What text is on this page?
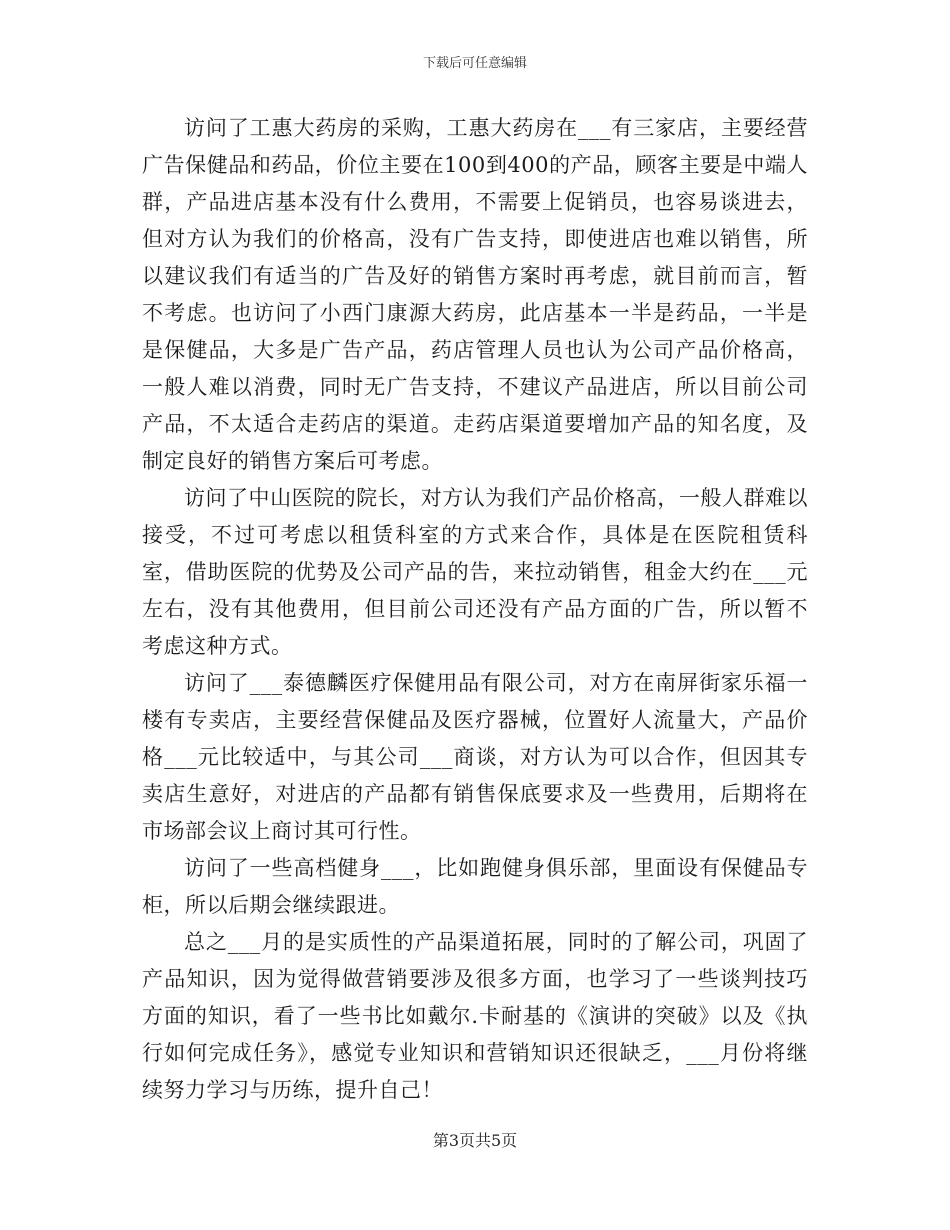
下载后可任意编辑

访问了工惠大药房的采购，工惠大药房在___有三家店，主要经营广告保健品和药品，价位主要在100到400的产品，顾客主要是中端人群，产品进店基本没有什么费用，不需要上促销员，也容易谈进去，但对方认为我们的价格高，没有广告支持，即使进店也难以销售，所以建议我们有适当的广告及好的销售方案时再考虑，就目前而言，暂不考虑。也访问了小西门康源大药房，此店基本一半是药品，一半是是保健品，大多是广告产品，药店管理人员也认为公司产品价格高，一般人难以消费，同时无广告支持，不建议产品进店，所以目前公司产品，不太适合走药店的渠道。走药店渠道要增加产品的知名度，及制定良好的销售方案后可考虑。

访问了中山医院的院长，对方认为我们产品价格高，一般人群难以接受，不过可考虑以租赁科室的方式来合作，具体是在医院租赁科室，借助医院的优势及公司产品的告，来拉动销售，租金大约在___元左右，没有其他费用，但目前公司还没有产品方面的广告，所以暂不考虑这种方式。

访问了___泰德麟医疗保健用品有限公司，对方在南屏街家乐福一楼有专卖店，主要经营保健品及医疗器械，位置好人流量大，产品价格___元比较适中，与其公司___商谈，对方认为可以合作，但因其专卖店生意好，对进店的产品都有销售保底要求及一些费用，后期将在市场部会议上商讨其可行性。

访问了一些高档健身___，比如跑健身俱乐部，里面设有保健品专柜，所以后期会继续跟进。

总之___月的是实质性的产品渠道拓展，同时的了解公司，巩固了产品知识，因为觉得做营销要涉及很多方面，也学习了一些谈判技巧方面的知识，看了一些书比如戴尔.卡耐基的《演讲的突破》以及《执行如何完成任务》，感觉专业知识和营销知识还很缺乏，___月份将继续努力学习与历练，提升自己！

第3页共5页
